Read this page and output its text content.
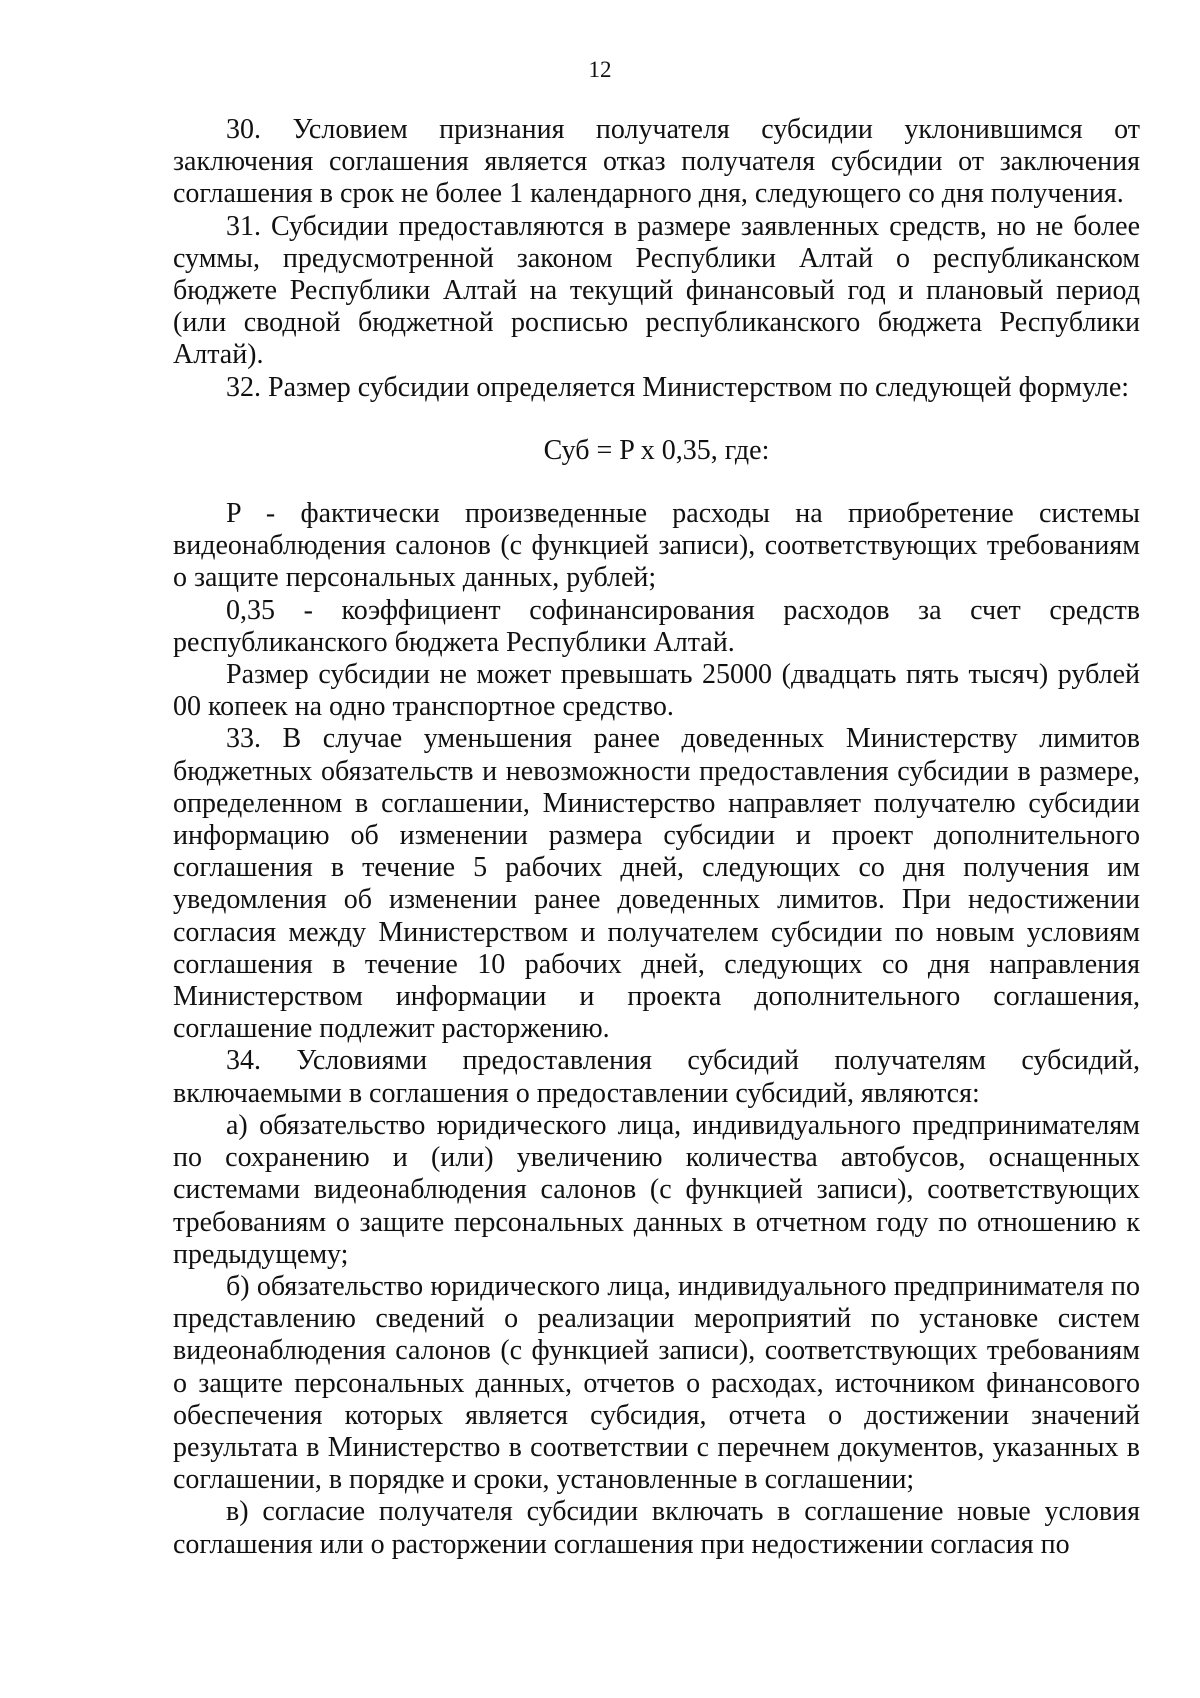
12

30. Условием признания получателя субсидии уклонившимся от заключения соглашения является отказ получателя субсидии от заключения соглашения в срок не более 1 календарного дня, следующего со дня получения.

31. Субсидии предоставляются в размере заявленных средств, но не более суммы, предусмотренной законом Республики Алтай о республиканском бюджете Республики Алтай на текущий финансовый год и плановый период (или сводной бюджетной росписью республиканского бюджета Республики Алтай).

32. Размер субсидии определяется Министерством по следующей формуле:

Суб = P x 0,35, где:

P - фактически произведенные расходы на приобретение системы видеонаблюдения салонов (с функцией записи), соответствующих требованиям о защите персональных данных, рублей;

0,35 - коэффициент софинансирования расходов за счет средств республиканского бюджета Республики Алтай.

Размер субсидии не может превышать 25000 (двадцать пять тысяч) рублей 00 копеек на одно транспортное средство.

33. В случае уменьшения ранее доведенных Министерству лимитов бюджетных обязательств и невозможности предоставления субсидии в размере, определенном в соглашении, Министерство направляет получателю субсидии информацию об изменении размера субсидии и проект дополнительного соглашения в течение 5 рабочих дней, следующих со дня получения им уведомления об изменении ранее доведенных лимитов. При недостижении согласия между Министерством и получателем субсидии по новым условиям соглашения в течение 10 рабочих дней, следующих со дня направления Министерством информации и проекта дополнительного соглашения, соглашение подлежит расторжению.

34. Условиями предоставления субсидий получателям субсидий, включаемыми в соглашения о предоставлении субсидий, являются:

а) обязательство юридического лица, индивидуального предпринимателям по сохранению и (или) увеличению количества автобусов, оснащенных системами видеонаблюдения салонов (с функцией записи), соответствующих требованиям о защите персональных данных в отчетном году по отношению к предыдущему;

б) обязательство юридического лица, индивидуального предпринимателя по представлению сведений о реализации мероприятий по установке систем видеонаблюдения салонов (с функцией записи), соответствующих требованиям о защите персональных данных, отчетов о расходах, источником финансового обеспечения которых является субсидия, отчета о достижении значений результата в Министерство в соответствии с перечнем документов, указанных в соглашении, в порядке и сроки, установленные в соглашении;

в) согласие получателя субсидии включать в соглашение новые условия соглашения или о расторжении соглашения при недостижении согласия по
